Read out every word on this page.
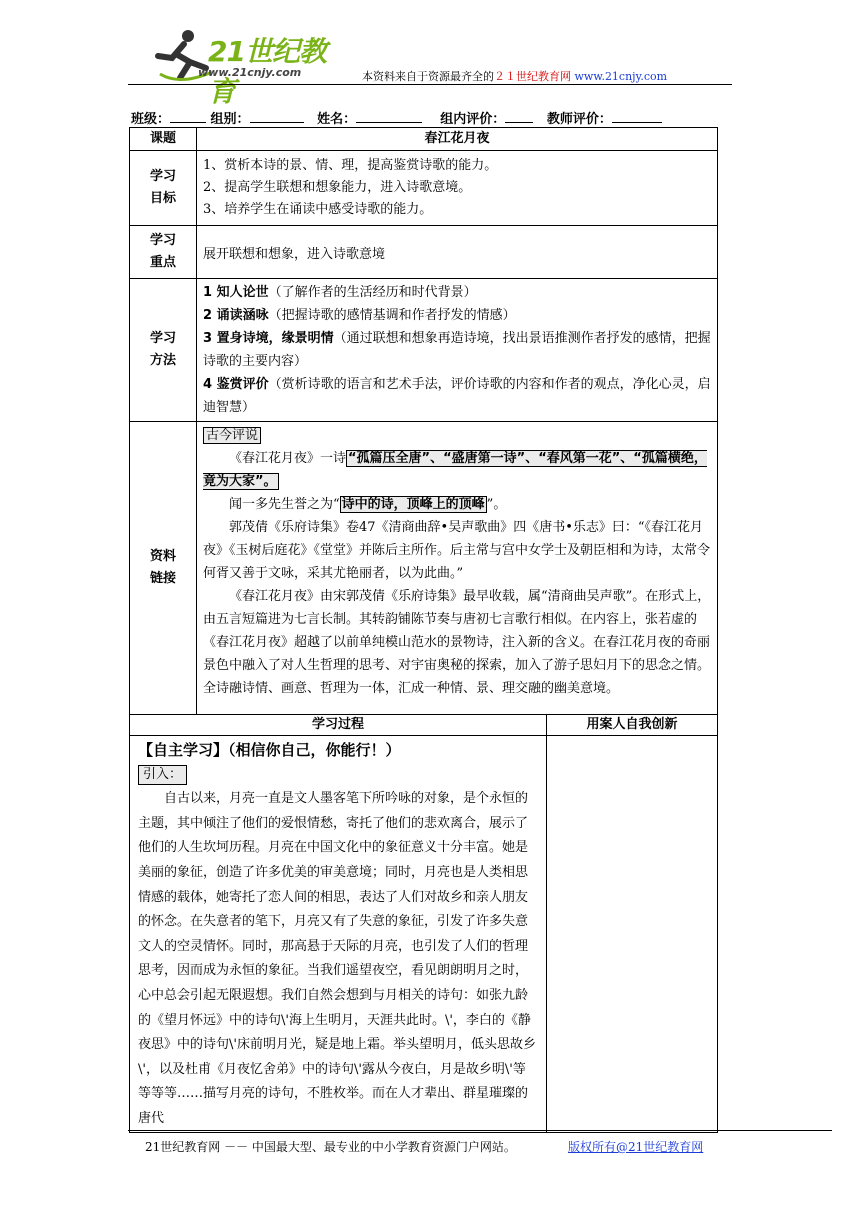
21世纪教育
www.21cnjy.com	本资料来自于资源最齐全的２１世纪教育网 www.21cnjy.com
班级：	组别：	姓名：	组内评价：	教师评价：
课题	春江花月夜	
学习目标	1、赏析本诗的景、情、理，提高鉴赏诗歌的能力。
2、提高学生联想和想象能力，进入诗歌意境。
3、培养学生在诵读中感受诗歌的能力。	

学习重点	展开联想和想象，进入诗歌意境	
学习方法	1 知人论世（了解作者的生活经历和时代背景）
2 诵读涵咏（把握诗歌的感情基调和作者抒发的情感）
3 置身诗境，缘景明情（通过联想和想象再造诗境，找出景语推测作者抒发的感情，把握诗歌的主要内容）
4 鉴赏评价（赏析诗歌的语言和艺术手法，评价诗歌的内容和作者的观点，净化心灵，启迪智慧）	

资料链接	古今评说
《春江花月夜》一诗 “孤篇压全唐”、“盛唐第一诗”、“春风第一花”、“孤篇横绝，竟为大家”。
闻一多先生誉之为“ 诗中的诗，顶峰上的顶峰 ”。
郭茂倩《乐府诗集》卷47《清商曲辞•吴声歌曲》四《唐书•乐志》曰：“《春江花月夜》《玉树后庭花》《堂堂》并陈后主所作。后主常与宫中女学士及朝臣相和为诗，太常令何胥又善于文咏，采其尤艳丽者，以为此曲。”
《春江花月夜》由宋郭茂倩《乐府诗集》最早收载，属“清商曲吴声歌”。在形式上，由五言短篇进为七言长制。其转韵铺陈节奏与唐初七言歌行相似。在内容上，张若虚的《春江花月夜》超越了以前单纯模山范水的景物诗，注入新的含义。在春江花月夜的奇丽景色中融入了对人生哲理的思考、对宇宙奥秘的探索，加入了游子思妇月下的思念之情。全诗融诗情、画意、哲理为一体，汇成一种情、景、理交融的幽美意境。	

学习过程		用案人自我创新

【自主学习】（相信你自己，你能行！）
引入：
自古以来，月亮一直是文人墨客笔下所吟咏的对象，是个永恒的主题，其中倾注了他们的爱恨情愁，寄托了他们的悲欢离合，展示了他们的人生坎坷历程。月亮在中国文化中的象征意义十分丰富。她是美丽的象征，创造了许多优美的审美意境；同时，月亮也是人类相思情感的载体，她寄托了恋人间的相思，表达了人们对故乡和亲人朋友的怀念。在失意者的笔下，月亮又有了失意的象征，引发了许多失意文人的空灵情怀。同时，那高悬于天际的月亮，也引发了人们的哲理思考，因而成为永恒的象征。当我们遥望夜空，看见朗朗明月之时，心中总会引起无限遐想。我们自然会想到与月相关的诗句：如张九龄的《望月怀远》中的诗句\'海上生明月，天涯共此时。\'，李白的《静夜思》中的诗句\'床前明月光，疑是地上霜。举头望明月，低头思故乡\'，以及杜甫《月夜忆舍弟》中的诗句\'露从今夜白，月是故乡明\'等等等等……描写月亮的诗句，不胜枚举。而在人才辈出、群星璀璨的唐代		

21世纪教育网 －－ 中国最大型、最专业的中小学教育资源门户网站。	版权所有@21世纪教育网
